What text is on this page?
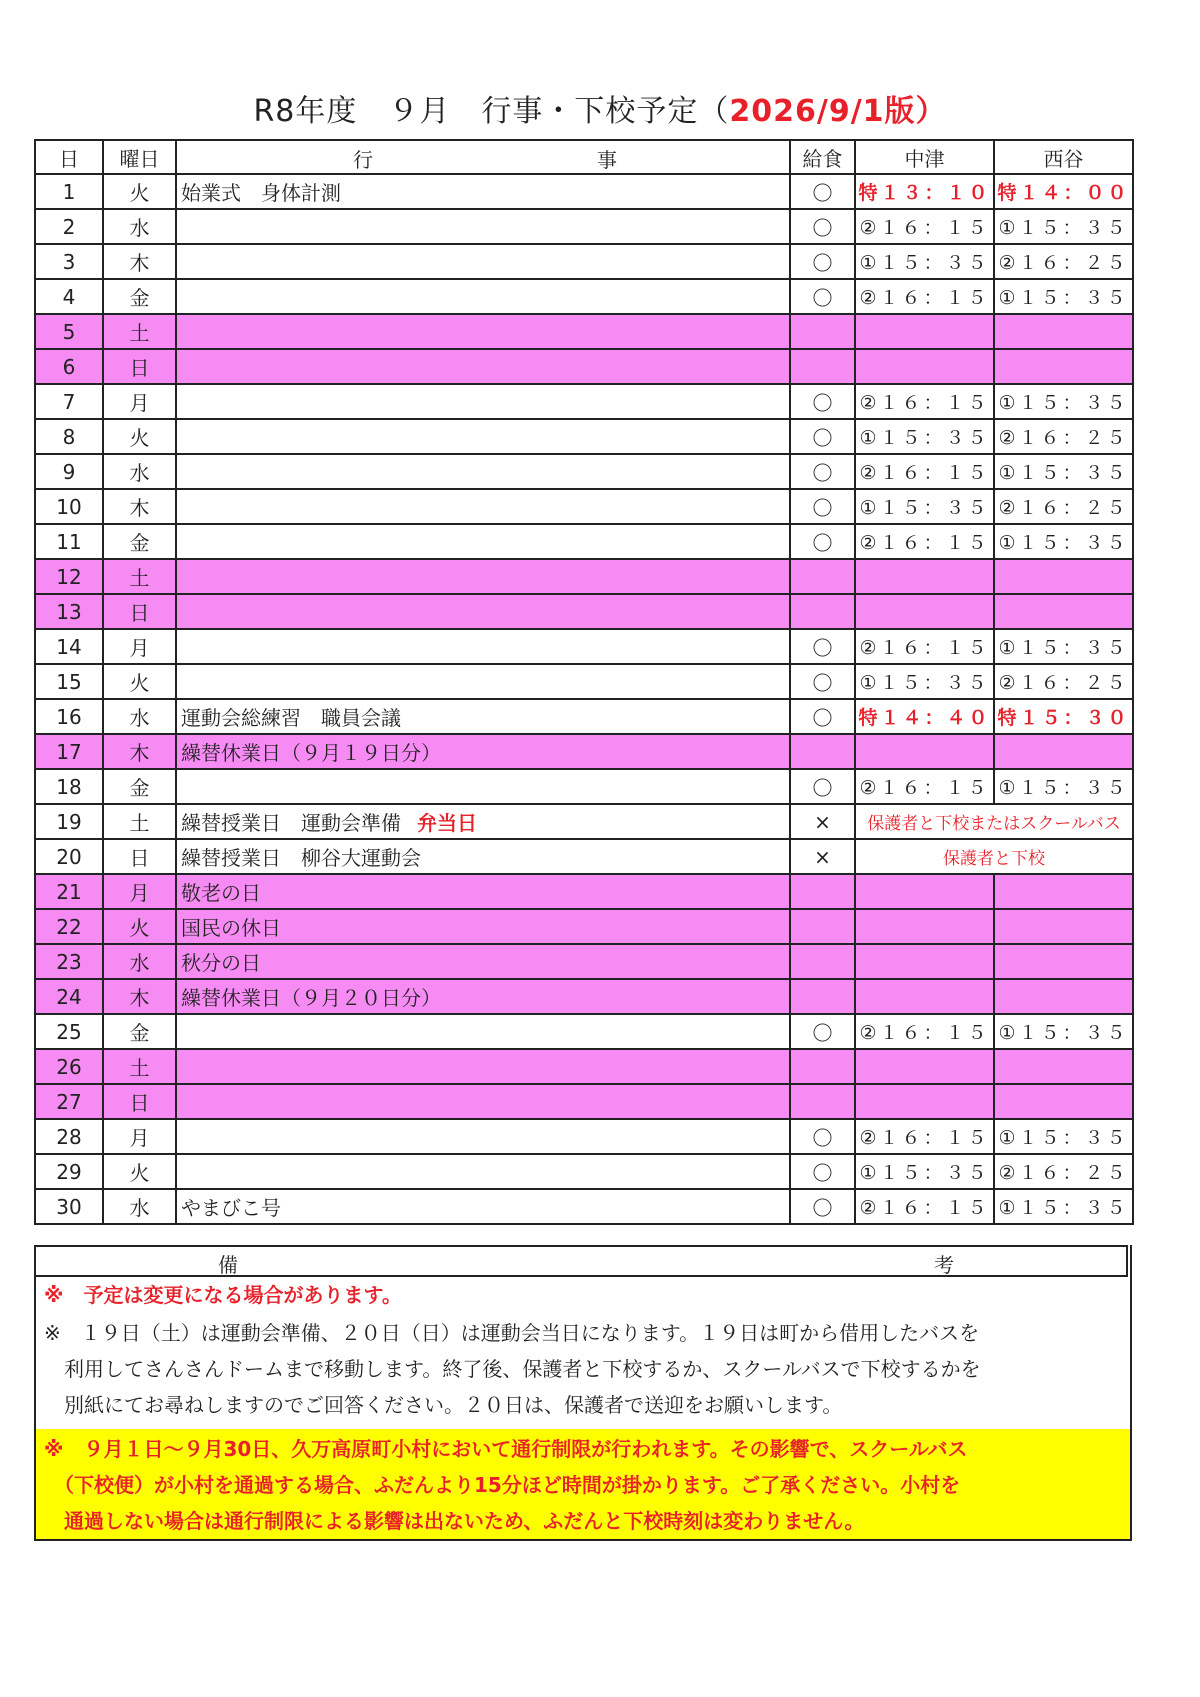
R8年度　９月　行事・下校予定（2026/9/1版）
日	曜日	行 事	給食	中津	西谷
1	火	始業式　身体計測	〇	特１３：１０	特１４：００
2	水		〇	②１６：１５	①１５：３５
3	木		〇	①１５：３５	②１６：２５
4	金		〇	②１６：１５	①１５：３５
5	土				
6	日				
7	月		〇	②１６：１５	①１５：３５
8	火		〇	①１５：３５	②１６：２５
9	水		〇	②１６：１５	①１５：３５
10	木		〇	①１５：３５	②１６：２５
11	金		〇	②１６：１５	①１５：３５
12	土				
13	日				
14	月		〇	②１６：１５	①１５：３５
15	火		〇	①１５：３５	②１６：２５
16	水	運動会総練習　職員会議	〇	特１４：４０	特１５：３０
17	木	繰替休業日（９月１９日分）			
18	金		〇	②１６：１５	①１５：３５
19	土	繰替授業日　運動会準備 弁当日	×	保護者と下校またはスクールバス	
20	日	繰替授業日　柳谷大運動会	×	保護者と下校	
21	月	敬老の日			
22	火	国民の休日			
23	水	秋分の日			
24	木	繰替休業日（９月２０日分）			
25	金		〇	②１６：１５	①１５：３５
26	土				
27	日				
28	月		〇	②１６：１５	①１５：３５
29	火		〇	①１５：３５	②１６：２５
30	水	やまびこ号	〇	②１６：１５	①１５：３５
備	考
※　予定は変更になる場合があります。
※　１９日（土）は運動会準備、２０日（日）は運動会当日になります。１９日は町から借用したバスを
　利用してさんさんドームまで移動します。終了後、保護者と下校するか、スクールバスで下校するかを
　別紙にてお尋ねしますのでご回答ください。２０日は、保護者で送迎をお願いします。
※　９月１日～９月30日、久万高原町小村において通行制限が行われます。その影響で、スクールバス
　（下校便）が小村を通過する場合、ふだんより15分ほど時間が掛かります。ご了承ください。小村を
　通過しない場合は通行制限による影響は出ないため、ふだんと下校時刻は変わりません。
